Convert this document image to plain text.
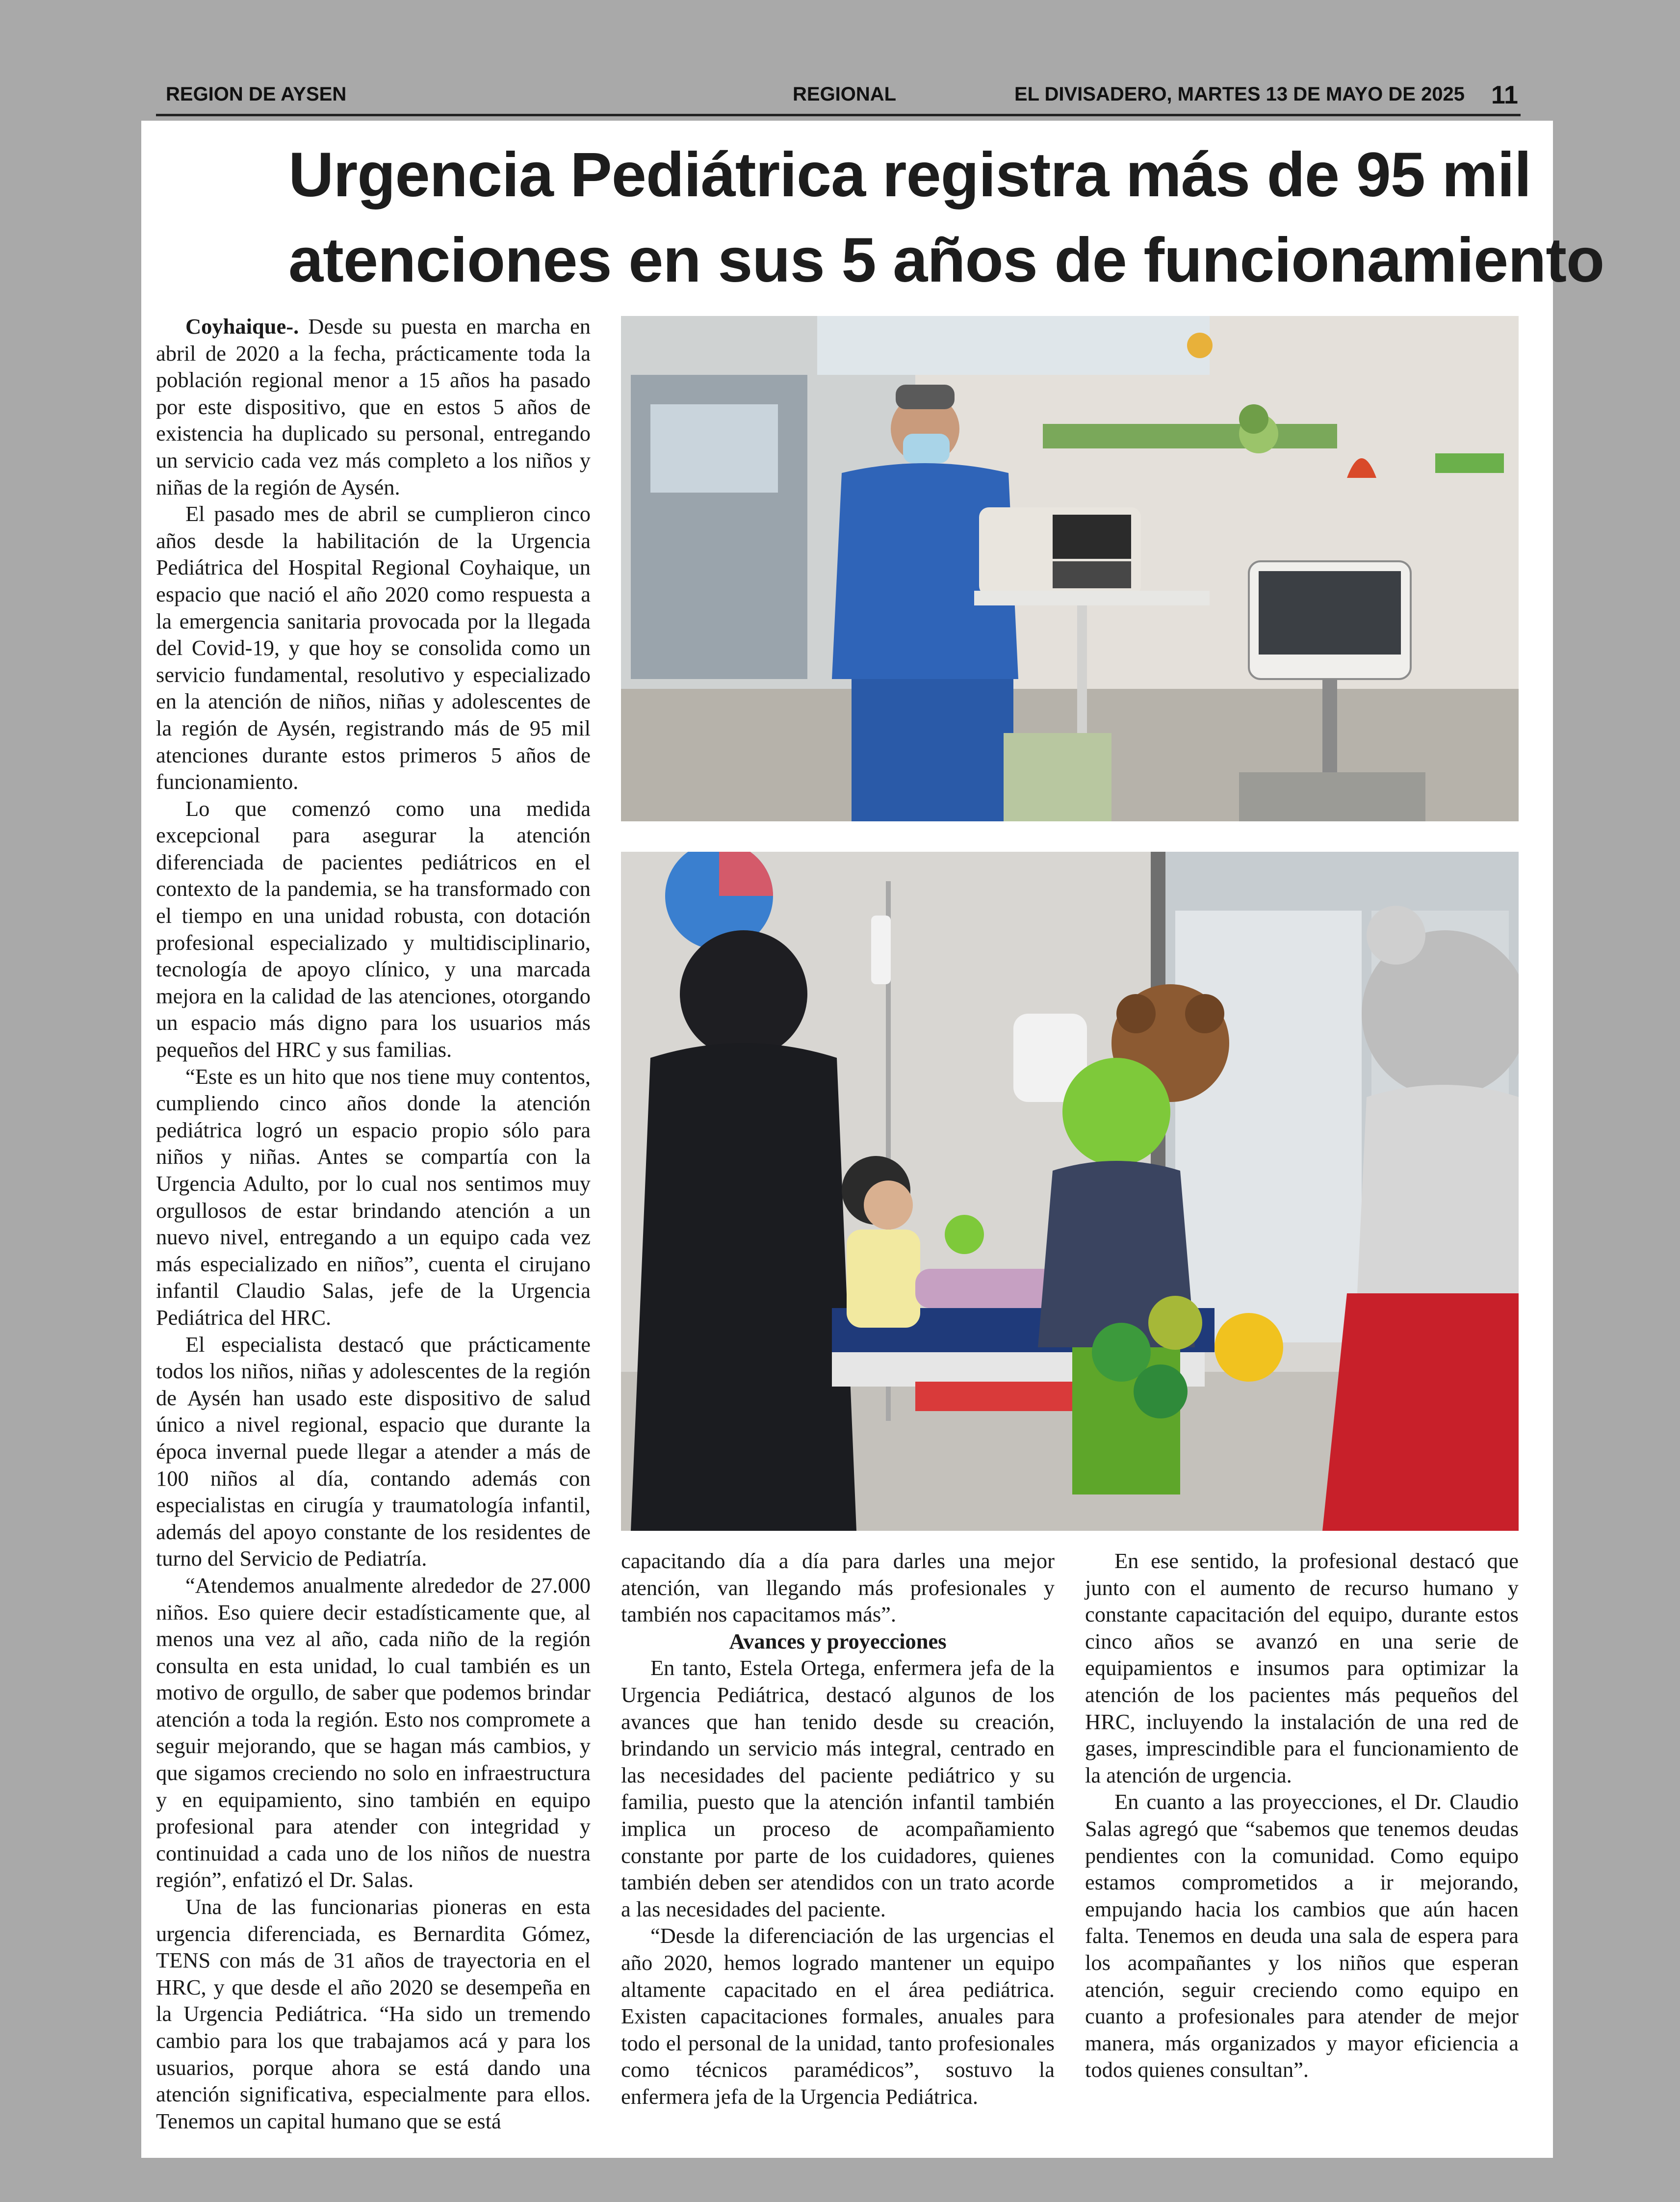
REGION DE AYSEN	REGIONAL	EL DIVISADERO, MARTES 13 DE MAYO DE 2025 11
Urgencia Pediátrica registra más de 95 mil
atenciones en sus 5 años de funcionamiento

Coyhaique-. Desde su puesta en marcha en abril de 2020 a la fecha, prácticamente toda la población regional menor a 15 años ha pasado por este dispositivo, que en estos 5 años de existencia ha duplicado su personal, entregando un servicio cada vez más completo a los niños y niñas de la región de Aysén.

El pasado mes de abril se cumplieron cinco años desde la habilitación de la Urgencia Pediátrica del Hospital Regional Coyhaique, un espacio que nació el año 2020 como respuesta a la emergencia sanitaria provocada por la llegada del Covid-19, y que hoy se consolida como un servicio fundamental, resolutivo y especializado en la atención de niños, niñas y adolescentes de la región de Aysén, registrando más de 95 mil atenciones durante estos primeros 5 años de funcionamiento.

Lo que comenzó como una medida excepcional para asegurar la atención diferenciada de pacientes pediátricos en el contexto de la pandemia, se ha transformado con el tiempo en una unidad robusta, con dotación profesional especializado y multidisciplinario, tecnología de apoyo clínico, y una marcada mejora en la calidad de las atenciones, otorgando un espacio más digno para los usuarios más pequeños del HRC y sus familias.

“Este es un hito que nos tiene muy contentos, cumpliendo cinco años donde la atención pediátrica logró un espacio propio sólo para niños y niñas. Antes se compartía con la Urgencia Adulto, por lo cual nos sentimos muy orgullosos de estar brindando atención a un nuevo nivel, entregando a un equipo cada vez más especializado en niños”, cuenta el cirujano infantil Claudio Salas, jefe de la Urgencia Pediátrica del HRC.

El especialista destacó que prácticamente todos los niños, niñas y adolescentes de la región de Aysén han usado este dispositivo de salud único a nivel regional, espacio que durante la época invernal puede llegar a atender a más de 100 niños al día, contando además con especialistas en cirugía y traumatología infantil, además del apoyo constante de los residentes de turno del Servicio de Pediatría.

“Atendemos anualmente alrededor de 27.000 niños. Eso quiere decir estadísticamente que, al menos una vez al año, cada niño de la región consulta en esta unidad, lo cual también es un motivo de orgullo, de saber que podemos brindar atención a toda la región. Esto nos compromete a seguir mejorando, que se hagan más cambios, y que sigamos creciendo no solo en infraestructura y en equipamiento, sino también en equipo profesional para atender con integridad y continuidad a cada uno de los niños de nuestra región”, enfatizó el Dr. Salas.

Una de las funcionarias pioneras en esta urgencia diferenciada, es Bernardita Gómez, TENS con más de 31 años de trayectoria en el HRC, y que desde el año 2020 se desempeña en la Urgencia Pediátrica. “Ha sido un tremendo cambio para los que trabajamos acá y para los usuarios, porque ahora se está dando una atención significativa, especialmente para ellos. Tenemos un capital humano que se está

capacitando día a día para darles una mejor atención, van llegando más profesionales y también nos capacitamos más”.

Avances y proyecciones

En tanto, Estela Ortega, enfermera jefa de la Urgencia Pediátrica, destacó algunos de los avances que han tenido desde su creación, brindando un servicio más integral, centrado en las necesidades del paciente pediátrico y su familia, puesto que la atención infantil también implica un proceso de acompañamiento constante por parte de los cuidadores, quienes también deben ser atendidos con un trato acorde a las necesidades del paciente.

“Desde la diferenciación de las urgencias el año 2020, hemos logrado mantener un equipo altamente capacitado en el área pediátrica. Existen capacitaciones formales, anuales para todo el personal de la unidad, tanto profesionales como técnicos paramédicos”, sostuvo la enfermera jefa de la Urgencia Pediátrica.

En ese sentido, la profesional destacó que junto con el aumento de recurso humano y constante capacitación del equipo, durante estos cinco años se avanzó en una serie de equipamientos e insumos para optimizar la atención de los pacientes más pequeños del HRC, incluyendo la instalación de una red de gases, imprescindible para el funcionamiento de la atención de urgencia.

En cuanto a las proyecciones, el Dr. Claudio Salas agregó que “sabemos que tenemos deudas pendientes con la comunidad. Como equipo estamos comprometidos a ir mejorando, empujando hacia los cambios que aún hacen falta. Tenemos en deuda una sala de espera para los acompañantes y los niños que esperan atención, seguir creciendo como equipo en cuanto a profesionales para atender de mejor manera, más organizados y mayor eficiencia a todos quienes consultan”.
